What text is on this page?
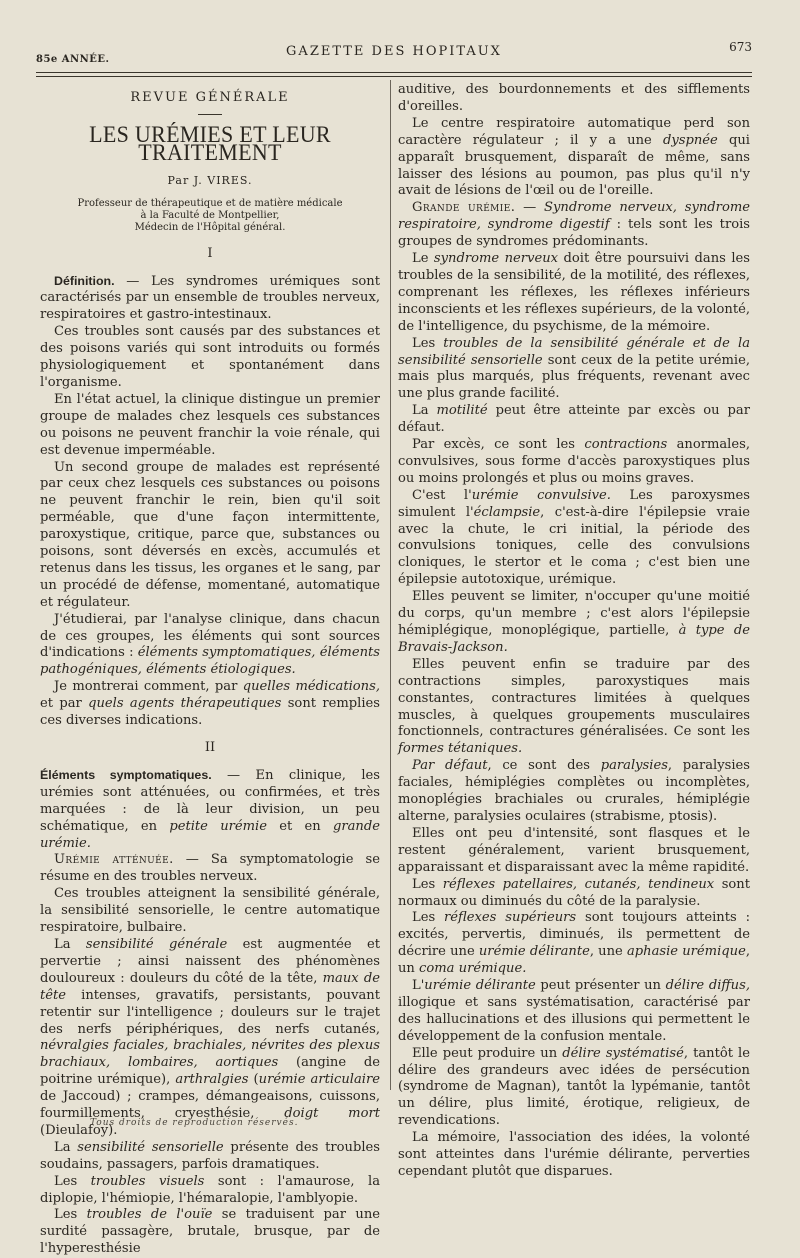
85e ANNÉE.
GAZETTE DES HOPITAUX	673
REVUE GÉNÉRALE
LES URÉMIES ET LEUR TRAITEMENT
Par J. VIRES.
Professeur de thérapeutique et de matière médicale
à la Faculté de Montpellier,
Médecin de l'Hôpital général.
I

Définition. — Les syndromes urémiques sont caractérisés par un ensemble de troubles nerveux, respiratoires et gastro-intestinaux.

Ces troubles sont causés par des substances et des poisons variés qui sont introduits ou formés physiologiquement et spontanément dans l'organisme.

En l'état actuel, la clinique distingue un premier groupe de malades chez lesquels ces substances ou poisons ne peuvent franchir la voie rénale, qui est devenue imperméable.

Un second groupe de malades est représenté par ceux chez lesquels ces substances ou poisons ne peuvent franchir le rein, bien qu'il soit perméable, que d'une façon intermittente, paroxystique, critique, parce que, substances ou poisons, sont déversés en excès, accumulés et retenus dans les tissus, les organes et le sang, par un procédé de défense, momentané, automatique et régulateur.

J'étudierai, par l'analyse clinique, dans chacun de ces groupes, les éléments qui sont sources d'indications : éléments symptomatiques, éléments pathogéniques, éléments étiologiques.

Je montrerai comment, par quelles médications, et par quels agents thérapeutiques sont remplies ces diverses indications.

II

Éléments symptomatiques. — En clinique, les urémies sont atténuées, ou confirmées, et très marquées : de là leur division, un peu schématique, en petite urémie et en grande urémie.

Urémie atténuée. — Sa symptomatologie se résume en des troubles nerveux.

Ces troubles atteignent la sensibilité générale, la sensibilité sensorielle, le centre automatique respiratoire, bulbaire.

La sensibilité générale est augmentée et pervertie ; ainsi naissent des phénomènes douloureux : douleurs du côté de la tête, maux de tête intenses, gravatifs, persistants, pouvant retentir sur l'intelligence ; douleurs sur le trajet des nerfs périphériques, des nerfs cutanés, névralgies faciales, brachiales, névrites des plexus brachiaux, lombaires, aortiques (angine de poitrine urémique), arthralgies (urémie articulaire de Jaccoud) ; crampes, démangeaisons, cuissons, fourmillements, cryesthésie, doigt mort (Dieulafoy).

La sensibilité sensorielle présente des troubles soudains, passagers, parfois dramatiques.

Les troubles visuels sont : l'amaurose, la diplopie, l'hémiopie, l'hémaralopie, l'amblyopie.

Les troubles de l'ouïe se traduisent par une surdité passagère, brutale, brusque, par de l'hyperesthésie

auditive, des bourdonnements et des sifflements d'oreilles.

Le centre respiratoire automatique perd son caractère régulateur ; il y a une dyspnée qui apparaît brusquement, disparaît de même, sans laisser des lésions au poumon, pas plus qu'il n'y avait de lésions de l'œil ou de l'oreille.

Grande urémie. — Syndrome nerveux, syndrome respiratoire, syndrome digestif : tels sont les trois groupes de syndromes prédominants.

Le syndrome nerveux doit être poursuivi dans les troubles de la sensibilité, de la motilité, des réflexes, comprenant les réflexes, les réflexes inférieurs inconscients et les réflexes supérieurs, de la volonté, de l'intelligence, du psychisme, de la mémoire.

Les troubles de la sensibilité générale et de la sensibilité sensorielle sont ceux de la petite urémie, mais plus marqués, plus fréquents, revenant avec une plus grande facilité.

La motilité peut être atteinte par excès ou par défaut.

Par excès, ce sont les contractions anormales, convulsives, sous forme d'accès paroxystiques plus ou moins prolongés et plus ou moins graves.

C'est l'urémie convulsive. Les paroxysmes simulent l'éclampsie, c'est-à-dire l'épilepsie vraie avec la chute, le cri initial, la période des convulsions toniques, celle des convulsions cloniques, le stertor et le coma ; c'est bien une épilepsie autotoxique, urémique.

Elles peuvent se limiter, n'occuper qu'une moitié du corps, qu'un membre ; c'est alors l'épilepsie hémiplégique, monoplégique, partielle, à type de Bravais-Jackson.

Elles peuvent enfin se traduire par des contractions simples, paroxystiques mais constantes, contractures limitées à quelques muscles, à quelques groupements musculaires fonctionnels, contractures généralisées. Ce sont les formes tétaniques.

Par défaut, ce sont des paralysies, paralysies faciales, hémiplégies complètes ou incomplètes, monoplégies brachiales ou crurales, hémiplégie alterne, paralysies oculaires (strabisme, ptosis).

Elles ont peu d'intensité, sont flasques et le restent généralement, varient brusquement, apparaissant et disparaissant avec la même rapidité.

Les réflexes patellaires, cutanés, tendineux sont normaux ou diminués du côté de la paralysie.

Les réflexes supérieurs sont toujours atteints : excités, pervertis, diminués, ils permettent de décrire une urémie délirante, une aphasie urémique, un coma urémique.

L'urémie délirante peut présenter un délire diffus, illogique et sans systématisation, caractérisé par des hallucinations et des illusions qui permettent le développement de la confusion mentale.

Elle peut produire un délire systématisé, tantôt le délire des grandeurs avec idées de persécution (syndrome de Magnan), tantôt la lypémanie, tantôt un délire, plus limité, érotique, religieux, de revendications.

La mémoire, l'association des idées, la volonté sont atteintes dans l'urémie délirante, perverties cependant plutôt que disparues.

Tous droits de reproduction réservés.
